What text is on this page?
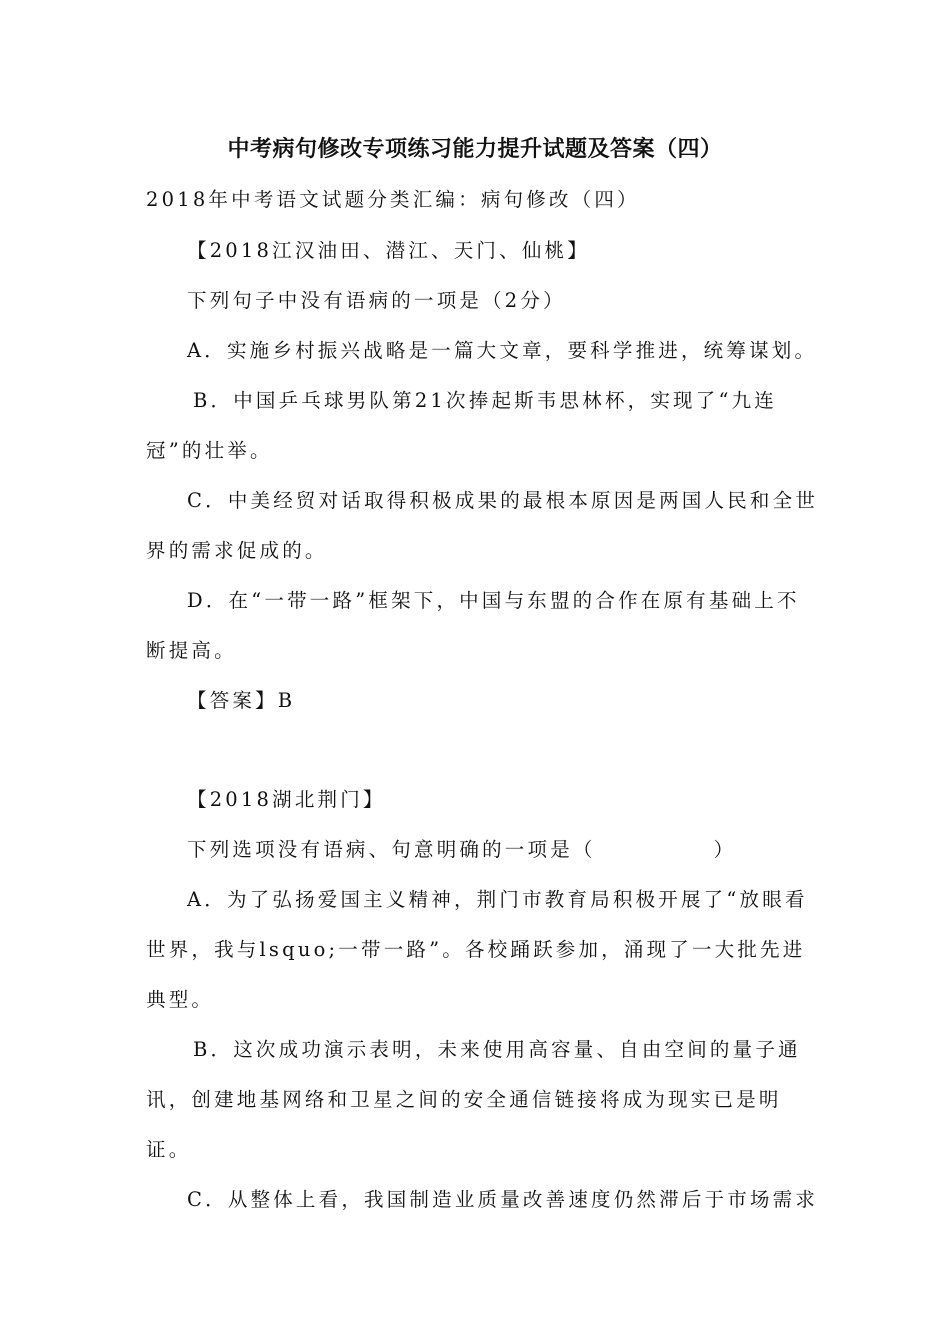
中考病句修改专项练习能力提升试题及答案（四）
2018年中考语文试题分类汇编：病句修改（四）
【2018江汉油田、潜江、天门、仙桃】
下列句子中没有语病的一项是（2分）
A．实施乡村振兴战略是一篇大文章，要科学推进，统筹谋划。
B．中国乒乓球男队第21次捧起斯韦思林杯，实现了“九连
冠”的壮举。
C．中美经贸对话取得积极成果的最根本原因是两国人民和全世
界的需求促成的。
D．在“一带一路”框架下，中国与东盟的合作在原有基础上不
断提高。
【答案】B
【2018湖北荆门】
下列选项没有语病、句意明确的一项是（	）
A．为了弘扬爱国主义精神，荆门市教育局积极开展了“放眼看
世界，我与lsquo;一带一路”。各校踊跃参加，涌现了一大批先进
典型。
B．这次成功演示表明，未来使用高容量、自由空间的量子通
讯，创建地基网络和卫星之间的安全通信链接将成为现实已是明
证。
C．从整体上看，我国制造业质量改善速度仍然滞后于市场需求
